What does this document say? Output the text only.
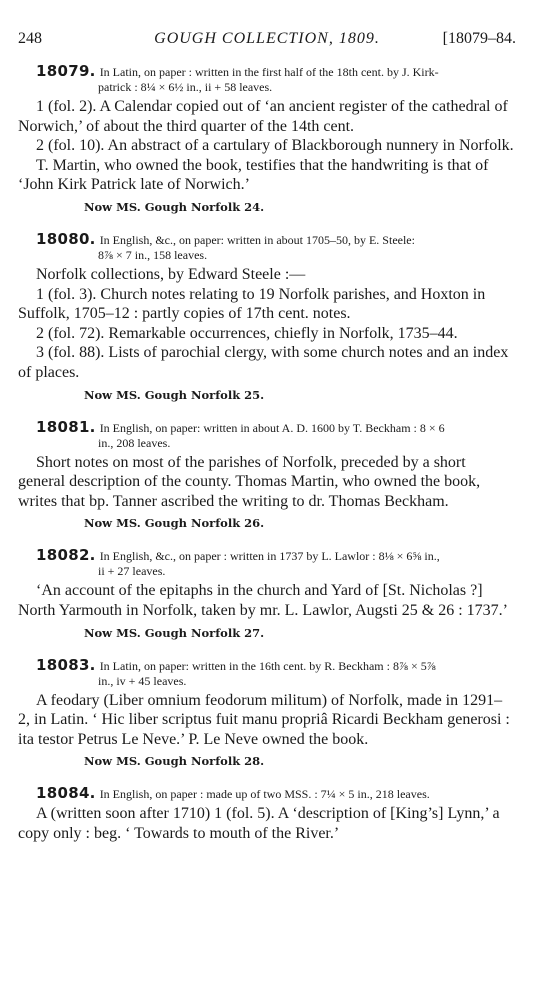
248	GOUGH COLLECTION, 1809.	[18079–84.
18079. In Latin, on paper : written in the first half of the 18th cent. by J. Kirk-
patrick : 8¼ × 6½ in., ii + 58 leaves.

1 (fol. 2). A Calendar copied out of ‘an ancient register of the cathedral of Norwich,’ of about the third quarter of the 14th cent.

2 (fol. 10). An abstract of a cartulary of Blackborough nunnery in Norfolk.

T. Martin, who owned the book, testifies that the handwriting is that of ‘John Kirk Patrick late of Norwich.’

Now MS. Gough Norfolk 24.
18080. In English, &c., on paper: written in about 1705–50, by E. Steele:
8⅞ × 7 in., 158 leaves.

Norfolk collections, by Edward Steele :—

1 (fol. 3). Church notes relating to 19 Norfolk parishes, and Hoxton in Suffolk, 1705–12 : partly copies of 17th cent. notes.

2 (fol. 72). Remarkable occurrences, chiefly in Norfolk, 1735–44.

3 (fol. 88). Lists of parochial clergy, with some church notes and an index of places.

Now MS. Gough Norfolk 25.
18081. In English, on paper: written in about A. D. 1600 by T. Beckham : 8 × 6
in., 208 leaves.

Short notes on most of the parishes of Norfolk, preceded by a short general description of the county. Thomas Martin, who owned the book, writes that bp. Tanner ascribed the writing to dr. Thomas Beckham.

Now MS. Gough Norfolk 26.
18082. In English, &c., on paper : written in 1737 by L. Lawlor : 8⅛ × 6⅝ in.,
ii + 27 leaves.

‘An account of the epitaphs in the church and Yard of [St. Nicholas ?] North Yarmouth in Norfolk, taken by mr. L. Lawlor, Augsti 25 & 26 : 1737.’

Now MS. Gough Norfolk 27.
18083. In Latin, on paper: written in the 16th cent. by R. Beckham : 8⅞ × 5⅞
in., iv + 45 leaves.

A feodary (Liber omnium feodorum militum) of Norfolk, made in 1291–2, in Latin. ‘ Hic liber scriptus fuit manu propriâ Ricardi Beckham generosi : ita testor Petrus Le Neve.’ P. Le Neve owned the book.

Now MS. Gough Norfolk 28.
18084. In English, on paper : made up of two MSS. : 7¼ × 5 in., 218 leaves.

A (written soon after 1710) 1 (fol. 5). A ‘description of [King’s] Lynn,’ a copy only : beg. ‘ Towards to mouth of the River.’
